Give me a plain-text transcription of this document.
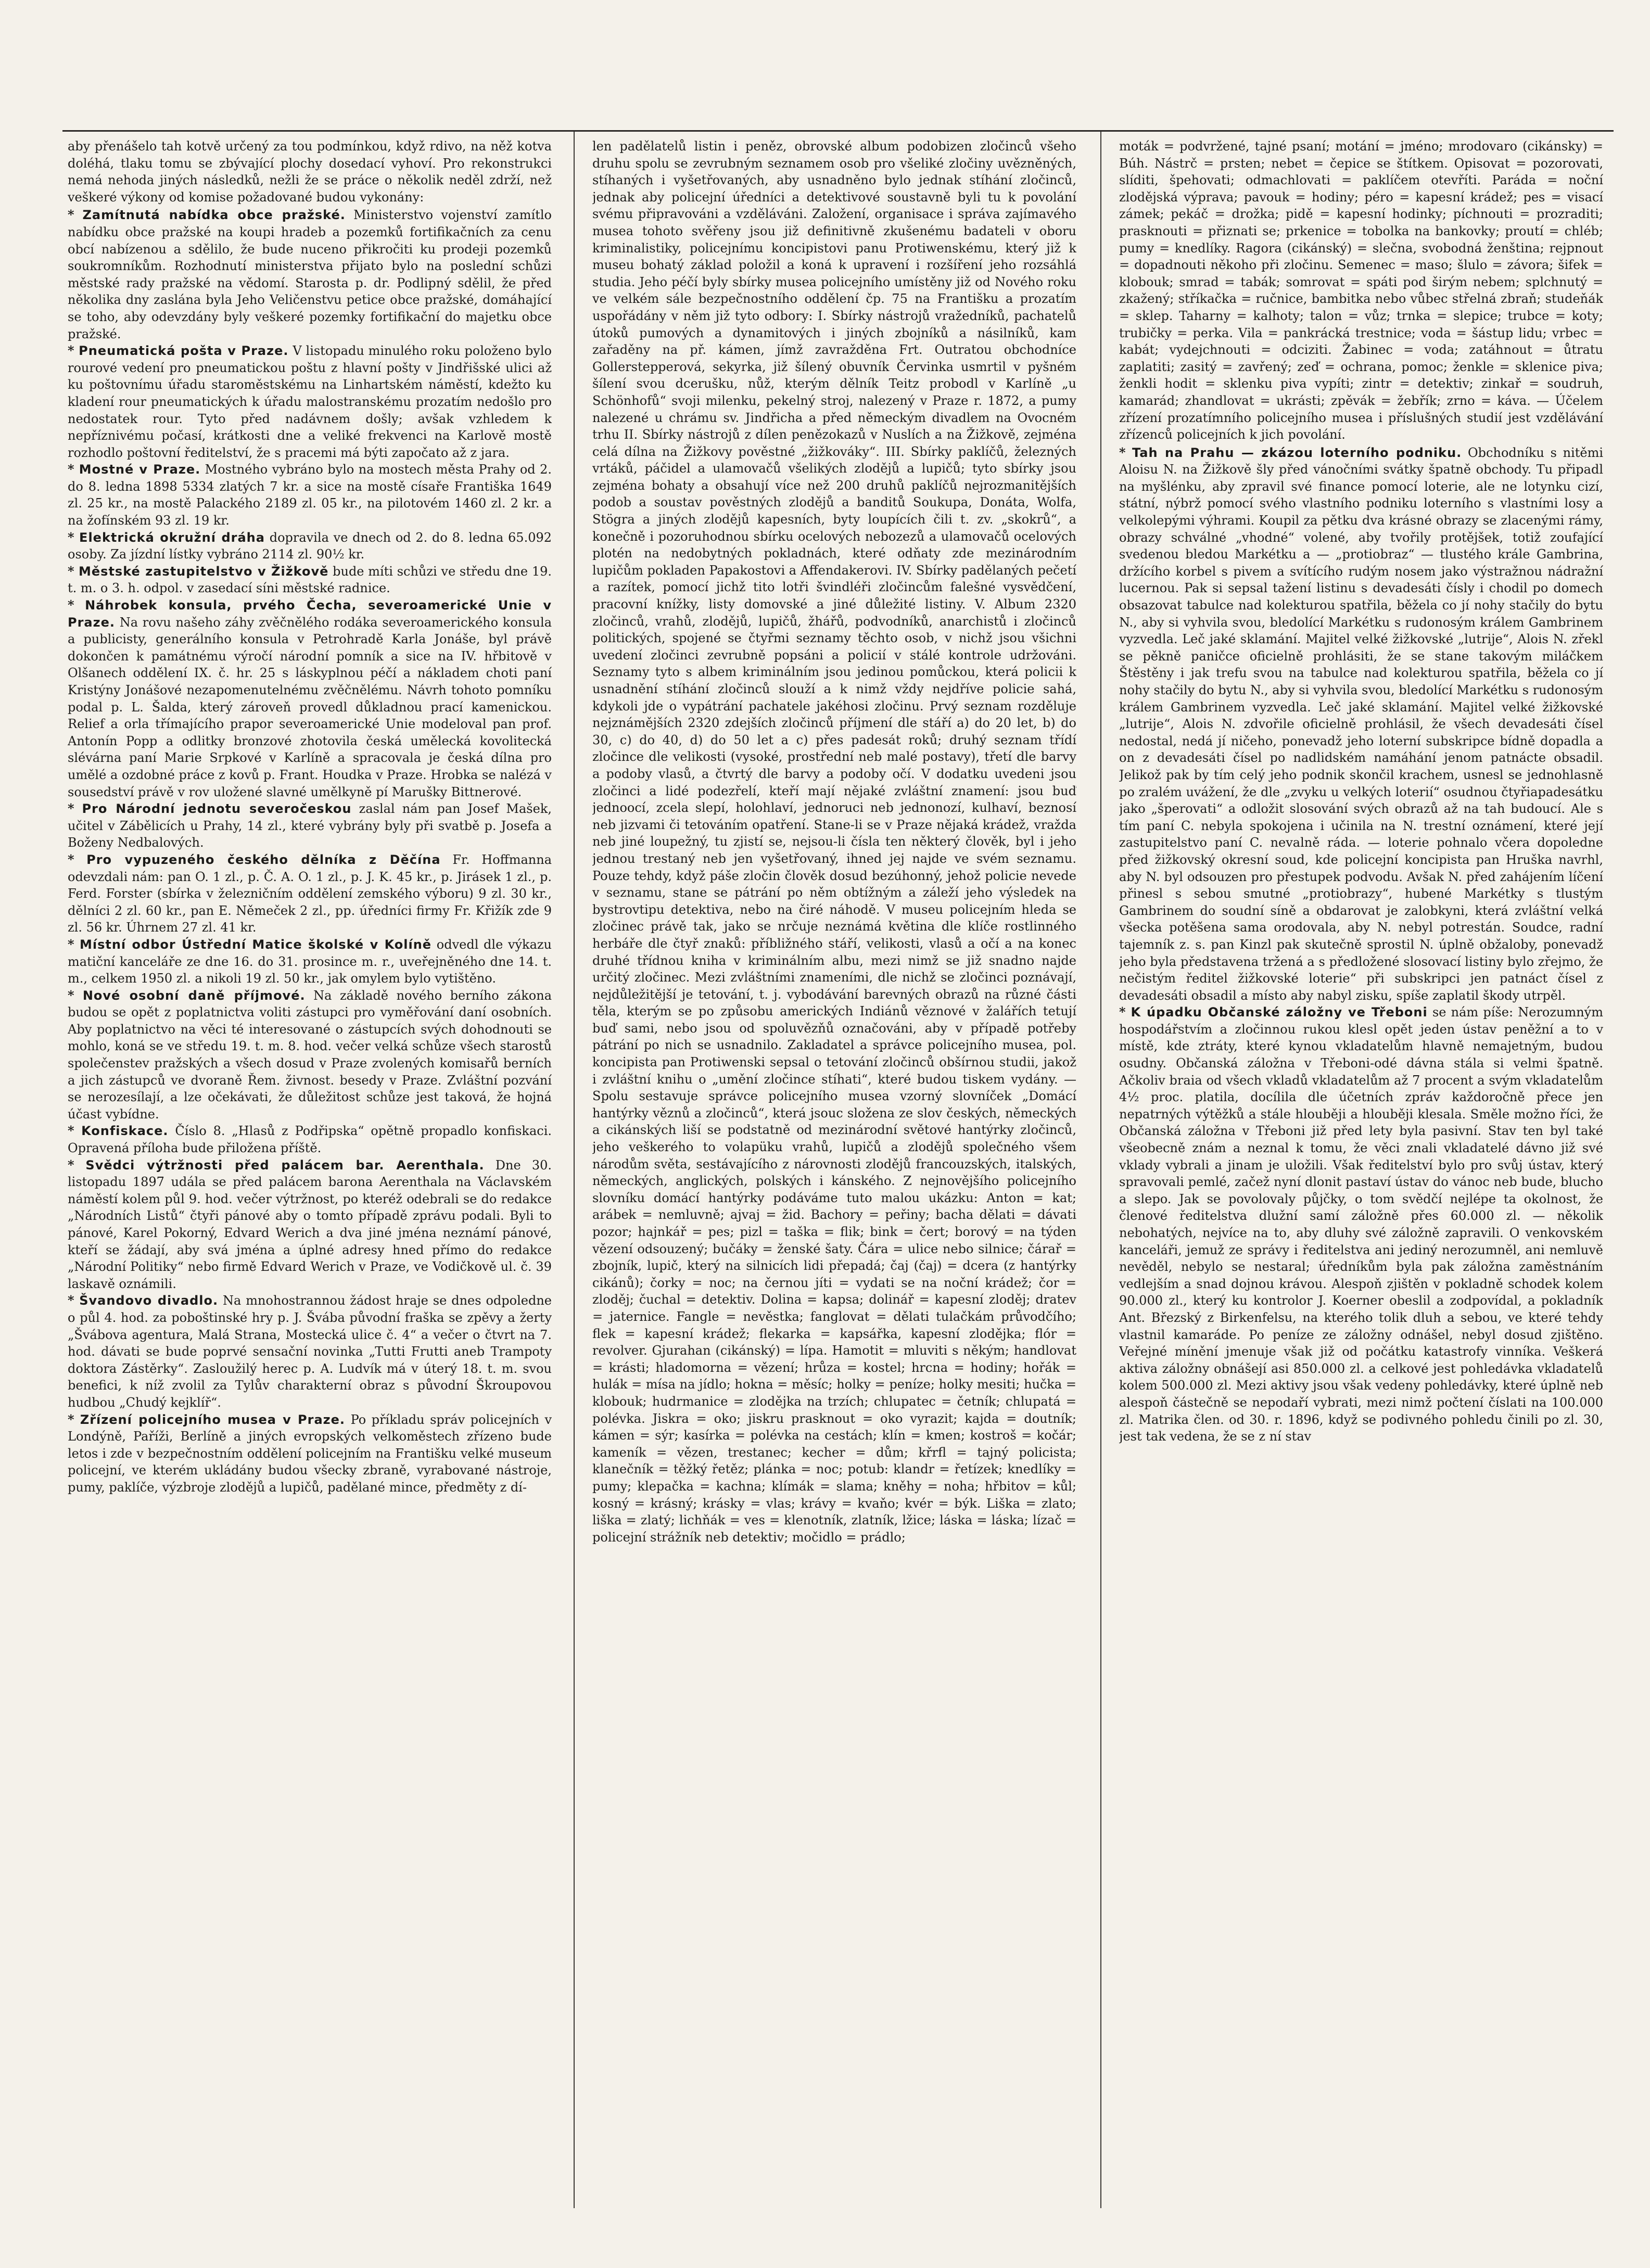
aby přenášelo tah kotvě určený za tou podmínkou, když rdivo, na něž kotva doléhá, tlaku tomu se zbývající plochy dosedací vyhoví. Pro rekonstrukci nemá nehoda jiných následků, nežli že se práce o několik neděl zdrží, než veškeré výkony od komise požadované budou vykonány:

* Zamítnutá nabídka obce pražské. Ministerstvo vojenství zamítlo nabídku obce pražské na koupi hradeb a pozemků fortifikačních za cenu obcí nabízenou a sdělilo, že bude nuceno přikročiti ku prodeji pozemků soukromníkům. Rozhodnutí ministerstva přijato bylo na poslední schůzi městské rady pražské na vědomí. Starosta p. dr. Podlipný sdělil, že před několika dny zaslána byla Jeho Veličenstvu petice obce pražské, domáhající se toho, aby odevzdány byly veškeré pozemky fortifikační do majetku obce pražské.

* Pneumatická pošta v Praze. V listopadu minulého roku položeno bylo rourové vedení pro pneumatickou poštu z hlavní pošty v Jindřišské ulici až ku poštovnímu úřadu staroměstskému na Linhartském náměstí, kdežto ku kladení rour pneumatických k úřadu malostranskému prozatím nedošlo pro nedostatek rour. Tyto před nadávnem došly; avšak vzhledem k nepříznivému počasí, krátkosti dne a veliké frekvenci na Karlově mostě rozhodlo poštovní ředitelství, že s pracemi má býti započato až z jara.

* Mostné v Praze. Mostného vybráno bylo na mostech města Prahy od 2. do 8. ledna 1898 5334 zlatých 7 kr. a sice na mostě císaře Františka 1649 zl. 25 kr., na mostě Palackého 2189 zl. 05 kr., na pilotovém 1460 zl. 2 kr. a na žofínském 93 zl. 19 kr.

* Elektrická okružní dráha dopravila ve dnech od 2. do 8. ledna 65.092 osoby. Za jízdní lístky vybráno 2114 zl. 90½ kr.

* Městské zastupitelstvo v Žižkově bude míti schůzi ve středu dne 19. t. m. o 3. h. odpol. v zasedací síni městské radnice.

* Náhrobek konsula, prvého Čecha, severoamerické Unie v Praze. Na rovu našeho záhy zvěčnělého rodáka severoamerického konsula a publicisty, generálního konsula v Petrohradě Karla Jonáše, byl právě dokončen k památnému výročí národní pomník a sice na IV. hřbitově v Olšanech oddělení IX. č. hr. 25 s láskyplnou péčí a nákladem choti paní Kristýny Jonášové nezapomenutelnému zvěčnělému. Návrh tohoto pomníku podal p. L. Šalda, který zároveň provedl důkladnou prací kamenickou. Relief a orla třímajícího prapor severoamerické Unie modeloval pan prof. Antonín Popp a odlitky bronzové zhotovila česká umělecká kovolitecká slévárna paní Marie Srpkové v Karlíně a spracovala je česká dílna pro umělé a ozdobné práce z kovů p. Frant. Houdka v Praze. Hrobka se nalézá v sousedství právě v rov uložené slavné umělkyně pí Marušky Bittnerové.

* Pro Národní jednotu severočeskou zaslal nám pan Josef Mašek, učitel v Zábělicích u Prahy, 14 zl., které vybrány byly při svatbě p. Josefa a Boženy Nedbalových.

* Pro vypuzeného českého dělníka z Děčína Fr. Hoffmanna odevzdali nám: pan O. 1 zl., p. Č. A. O. 1 zl., p. J. K. 45 kr., p. Jirásek 1 zl., p. Ferd. Forster (sbírka v železničním oddělení zemského výboru) 9 zl. 30 kr., dělníci 2 zl. 60 kr., pan E. Němeček 2 zl., pp. úředníci firmy Fr. Křižík zde 9 zl. 56 kr. Úhrnem 27 zl. 41 kr.

* Místní odbor Ústřední Matice školské v Kolíně odvedl dle výkazu matiční kanceláře ze dne 16. do 31. prosince m. r., uveřejněného dne 14. t. m., celkem 1950 zl. a nikoli 19 zl. 50 kr., jak omylem bylo vytištěno.

* Nové osobní daně příjmové. Na základě nového berního zákona budou se opět z poplatnictva voliti zástupci pro vyměřování daní osobních. Aby poplatnictvo na věci té interesované o zástupcích svých dohodnouti se mohlo, koná se ve středu 19. t. m. 8. hod. večer velká schůze všech starostů společenstev pražských a všech dosud v Praze zvolených komisařů berních a jich zástupců ve dvoraně Řem. živnost. besedy v Praze. Zvláštní pozvání se nerozesílají, a lze očekávati, že důležitost schůze jest taková, že hojná účast vybídne.

* Konfiskace. Číslo 8. „Hlasů z Podřipska“ opětně propadlo konfiskaci. Opravená příloha bude přiložena příště.

* Svědci výtržnosti před palácem bar. Aerenthala. Dne 30. listopadu 1897 udála se před palácem barona Aerenthala na Václavském náměstí kolem půl 9. hod. večer výtržnost, po kteréž odebrali se do redakce „Národních Listů“ čtyři pánové aby o tomto případě zprávu podali. Byli to pánové, Karel Pokorný, Edvard Werich a dva jiné jména neznámí pánové, kteří se žádají, aby svá jména a úplné adresy hned přímo do redakce „Národní Politiky“ nebo firmě Edvard Werich v Praze, ve Vodičkově ul. č. 39 laskavě oznámili.

* Švandovo divadlo. Na mnohostrannou žádost hraje se dnes odpoledne o půl 4. hod. za poboštinské hry p. J. Švába původní fraška se zpěvy a žerty „Švábova agentura, Malá Strana, Mostecká ulice č. 4“ a večer o čtvrt na 7. hod. dávati se bude poprvé sensační novinka „Tutti Frutti aneb Trampoty doktora Zástěrky“. Zasloužilý herec p. A. Ludvík má v úterý 18. t. m. svou benefici, k níž zvolil za Tylův charakterní obraz s původní Škroupovou hudbou „Chudý kejklíř“.

* Zřízení policejního musea v Praze. Po příkladu správ policejních v Londýně, Paříži, Berlíně a jiných evropských velkoměstech zřízeno bude letos i zde v bezpečnostním oddělení policejním na Františku velké museum policejní, ve kterém ukládány budou všecky zbraně, vyrabované nástroje, pumy, paklíče, výzbroje zlodějů a lupičů, padělané mince, předměty z dí-

len padělatelů listin i peněz, obrovské album podobizen zločinců všeho druhu spolu se zevrubným seznamem osob pro všeliké zločiny uvězněných, stíhaných i vyšetřovaných, aby usnadněno bylo jednak stíhání zločinců, jednak aby policejní úředníci a detektivové soustavně byli tu k povolání svému připravováni a vzděláváni. Založení, organisace i správa zajímavého musea tohoto svěřeny jsou již definitivně zkušenému badateli v oboru kriminalistiky, policejnímu koncipistovi panu Protiwenskému, který již k museu bohatý základ položil a koná k upravení i rozšíření jeho rozsáhlá studia. Jeho péčí byly sbírky musea policejního umístěny již od Nového roku ve velkém sále bezpečnostního oddělení čp. 75 na Františku a prozatím uspořádány v něm již tyto odbory: I. Sbírky nástrojů vražedníků, pachatelů útoků pumových a dynamitových i jiných zbojníků a násilníků, kam zařaděny na př. kámen, jímž zavražděna Frt. Outratou obchodníce Gollerstepperová, sekyrka, již šílený obuvník Červinka usmrtil v pyšném šílení svou dcerušku, nůž, kterým dělník Teitz probodl v Karlíně „u Schönhofů“ svoji milenku, pekelný stroj, nalezený v Praze r. 1872, a pumy nalezené u chrámu sv. Jindřicha a před německým divadlem na Ovocném trhu II. Sbírky nástrojů z dílen penězokazů v Nuslích a na Žižkově, zejména celá dílna na Žižkovy pověstné „žižkováky“. III. Sbírky paklíčů, železných vrtáků, páčidel a ulamovačů všelikých zlodějů a lupičů; tyto sbírky jsou zejména bohaty a obsahují více než 200 druhů paklíčů nejrozmanitějších podob a soustav pověstných zlodějů a banditů Soukupa, Donáta, Wolfa, Stögra a jiných zlodějů kapesních, byty loupících čili t. zv. „skokrů“, a konečně i pozoruhodnou sbírku ocelových nebozezů a ulamovačů ocelových plotén na nedobytných pokladnách, které odňaty zde mezinárodním lupičům pokladen Papakostovi a Affendakerovi. IV. Sbírky padělaných pečetí a razítek, pomocí jichž tito lotři švindléři zločincům falešné vysvědčení, pracovní knížky, listy domovské a jiné důležité listiny. V. Album 2320 zločinců, vrahů, zlodějů, lupičů, žhářů, podvodníků, anarchistů i zločinců politických, spojené se čtyřmi seznamy těchto osob, v nichž jsou všichni uvedení zločinci zevrubně popsáni a policií v stálé kontrole udržováni. Seznamy tyto s albem kriminálním jsou jedinou pomůckou, která policii k usnadnění stíhání zločinců slouží a k nimž vždy nejdříve policie sahá, kdykoli jde o vypátrání pachatele jakéhosi zločinu. Prvý seznam rozděluje nejznámějších 2320 zdejších zločinců příjmení dle stáří a) do 20 let, b) do 30, c) do 40, d) do 50 let a c) přes padesát roků; druhý seznam třídí zločince dle velikosti (vysoké, prostřední neb malé postavy), třetí dle barvy a podoby vlasů, a čtvrtý dle barvy a podoby očí. V dodatku uvedeni jsou zločinci a lidé podezřelí, kteří mají nějaké zvláštní znamení: jsou buď jednoocí, zcela slepí, holohlaví, jednoruci neb jednonozí, kulhaví, beznosí neb jizvami či tetováním opatření. Stane-li se v Praze nějaká krádež, vražda neb jiné loupežný, tu zjistí se, nejsou-li čísla ten některý člověk, byl i jeho jednou trestaný neb jen vyšetřovaný, ihned jej najde ve svém seznamu. Pouze tehdy, když páše zločin člověk dosud bezúhonný, jehož policie nevede v seznamu, stane se pátrání po něm obtížným a záleží jeho výsledek na bystrovtipu detektiva, nebo na čiré náhodě. V museu policejním hleda se zločinec právě tak, jako se nrčuje neznámá květina dle klíče rostlinného herbáře dle čtyř znaků: příbližného stáří, velikosti, vlasů a očí a na konec druhé třídnou kniha v kriminálním albu, mezi nimž se již snadno najde určitý zločinec. Mezi zvláštními znameními, dle nichž se zločinci poznávají, nejdůležitější je tetování, t. j. vybodávání barevných obrazů na různé části těla, kterým se po způsobu amerických Indiánů věznové v žalářích tetují buď sami, nebo jsou od spoluvězňů označováni, aby v případě potřeby pátrání po nich se usnadnilo. Zakladatel a správce policejního musea, pol. koncipista pan Protiwenski sepsal o tetování zločinců obšírnou studii, jakož i zvláštní knihu o „umění zločince stíhati“, které budou tiskem vydány. — Spolu sestavuje správce policejního musea vzorný slovníček „Domácí hantýrky věznů a zločinců“, která jsouc složena ze slov českých, německých a cikánských liší se podstatně od mezinárodní světové hantýrky zločinců, jeho veškerého to volapüku vrahů, lupičů a zlodějů společného všem národům světa, sestávajícího z nárovnosti zlodějů francouzských, italských, německých, anglických, polských i kánského. Z nejnovějšího policejního slovníku domácí hantýrky podáváme tuto malou ukázku: Anton = kat; arábek = nemluvně; ajvaj = žid. Bachory = peřiny; bacha dělati = dávati pozor; hajnkář = pes; pizl = taška = flik; bink = čert; borový = na týden vězení odsouzený; bučáky = ženské šaty. Čára = ulice nebo silnice; čárař = zbojník, lupič, který na silnicích lidi přepadá; čaj (čaj) = dcera (z hantýrky cikánů); čorky = noc; na černou jíti = vydati se na noční krádež; čor = zloděj; čuchal = detektiv. Dolina = kapsa; dolinář = kapesní zloděj; dratev = jaternice. Fangle = nevěstka; fanglovat = dělati tulačkám průvodčího; flek = kapesní krádež; flekarka = kapsářka, kapesní zlodějka; flór = revolver. Gjurahan (cikánský) = lípa. Hamotit = mluviti s někým; handlovat = krásti; hladomorna = vězení; hrůza = kostel; hrcna = hodiny; hořák = hulák = mísa na jídlo; hokna = měsíc; holky = peníze; holky mesiti; hučka = klobouk; hudrmanice = zlodějka na trzích; chlupatec = četník; chlupatá = polévka. Jiskra = oko; jiskru prasknout = oko vyrazit; kajda = doutník; kámen = sýr; kasírka = polévka na cestách; klín = kmen; kostroš = kočár; kameník = vězen, trestanec; kecher = dům; křrfl = tajný policista; klanečník = těžký řetěz; plánka = noc; potub: klandr = řetízek; knedlíky = pumy; klepačka = kachna; klímák = slama; kněhy = noha; hřbitov = kůl; kosný = krásný; krásky = vlas; krávy = kvaňo; kvér = býk. Liška = zlato; liška = zlatý; lichňák = ves = klenotník, zlatník, lžice; láska = láska; lízač = policejní strážník neb detektiv; močidlo = prádlo;

moták = podvržené, tajné psaní; motání = jméno; mrodovaro (cikánsky) = Búh. Nástrč = prsten; nebet = čepice se štítkem. Opisovat = pozorovati, slíditi, špehovati; odmachlovati = paklíčem otevříti. Paráda = noční zlodějská výprava; pavouk = hodiny; péro = kapesní krádež; pes = visací zámek; pekáč = drožka; pidě = kapesní hodinky; píchnouti = prozraditi; prasknouti = přiznati se; prkenice = tobolka na bankovky; proutí = chléb; pumy = knedlíky. Ragora (cikánský) = slečna, svobodná ženština; rejpnout = dopadnouti někoho při zločinu. Semenec = maso; šlulo = závora; šifek = klobouk; smrad = tabák; somrovat = spáti pod širým nebem; splchnutý = zkažený; stříkačka = ručnice, bambitka nebo vůbec střelná zbraň; studeňák = sklep. Taharny = kalhoty; talon = vůz; trnka = slepice; trubce = koty; trubičky = perka. Vila = pankrácká trestnice; voda = šástup lidu; vrbec = kabát; vydejchnouti = odciziti. Žabinec = voda; zatáhnout = ůtratu zaplatiti; zasitý = zavřený; zeď = ochrana, pomoc; ženkle = sklenice piva; ženkli hodit = sklenku piva vypíti; zintr = detektiv; zinkař = soudruh, kamarád; zhandlovat = ukrásti; zpěvák = žebřík; zrno = káva. — Účelem zřízení prozatímního policejního musea i příslušných studií jest vzdělávání zřízenců policejních k jich povolání.

* Tah na Prahu — zkázou loterního podniku. Obchodníku s nitěmi Aloisu N. na Žižkově šly před vánočními svátky špatně obchody. Tu připadl na myšlénku, aby zpravil své finance pomocí loterie, ale ne lotynku cizí, státní, nýbrž pomocí svého vlastního podniku loterního s vlastními losy a velkolepými výhrami. Koupil za pětku dva krásné obrazy se zlacenými rámy, obrazy schválné „vhodné“ volené, aby tvořily protějšek, totiž zoufající svedenou bledou Markétku a — „protiobraz“ — tlustého krále Gambrina, držícího korbel s pivem a svítícího rudým nosem jako výstražnou nádražní lucernou. Pak si sepsal tažení listinu s devadesáti čísly i chodil po domech obsazovat tabulce nad kolekturou spatřila, běžela co jí nohy stačily do bytu N., aby si vyhvila svou, bledolící Markétku s rudonosým králem Gambrinem vyzvedla. Leč jaké sklamání. Majitel velké žižkovské „lutrije“, Alois N. zřekl se pěkně paničce oficielně prohlásiti, že se stane takovým miláčkem Štěstěny i jak trefu svou na tabulce nad kolekturou spatřila, běžela co jí nohy stačily do bytu N., aby si vyhvila svou, bledolící Markétku s rudonosým králem Gambrinem vyzvedla. Leč jaké sklamání. Majitel velké žižkovské „lutrije“, Alois N. zdvořile oficielně prohlásil, že všech devadesáti čísel nedostal, nedá jí ničeho, ponevadž jeho loterní subskripce bídně dopadla a on z devadesáti čísel po nadlidském namáhání jenom patnácte obsadil. Jelikož pak by tím celý jeho podnik skončil krachem, usnesl se jednohlasně po zralém uvážení, že dle „zvyku u velkých loterií“ osudnou čtyřiapadesátku jako „šperovati“ a odložit slosování svých obrazů až na tah budoucí. Ale s tím paní C. nebyla spokojena i učinila na N. trestní oznámení, které její zastupitelstvo paní C. nevalně ráda. — loterie pohnalo včera dopoledne před žižkovský okresní soud, kde policejní koncipista pan Hruška navrhl, aby N. byl odsouzen pro přestupek podvodu. Avšak N. před zahájením líčení přinesl s sebou smutné „protiobrazy“, hubené Markétky s tlustým Gambrinem do soudní síně a obdarovat je zalobkyni, která zvláštní velká všecka potěšena sama orodovala, aby N. nebyl potrestán. Soudce, radní tajemník z. s. pan Kinzl pak skutečně sprostil N. úplně obžaloby, ponevadž jeho byla představena tržená a s předložené slosovací listiny bylo zřejmo, že nečistým ředitel žižkovské loterie“ při subskripci jen patnáct čísel z devadesáti obsadil a místo aby nabyl zisku, spíše zaplatil škody utrpěl.

* K úpadku Občanské záložny ve Třeboni se nám píše: Nerozumným hospodářstvím a zločinnou rukou klesl opět jeden ústav peněžní a to v místě, kde ztráty, které kynou vkladatelům hlavně nemajetným, budou osudny. Občanská záložna v Třeboni-odé dávna stála si velmi špatně. Ačkoliv braia od všech vkladů vkladatelům až 7 procent a svým vkladatelům 4½ proc. platila, docílila dle účetních zpráv každoročně přece jen nepatrných výtěžků a stále hlouběji a hlouběji klesala. Směle možno říci, že Občanská záložna v Třeboni již před lety byla pasivní. Stav ten byl také všeobecně znám a neznal k tomu, že věci znali vkladatelé dávno již své vklady vybrali a jinam je uložili. Však ředitelství bylo pro svůj ústav, který spravovali pemlé, začež nyní dlonit pastaví ústav do vánoc neb bude, blucho a slepo. Jak se povolovaly půjčky, o tom svědčí nejlépe ta okolnost, že členové ředitelstva dlužní samí záložně přes 60.000 zl. — několik nebohatých, nejvíce na to, aby dluhy své záložně zapravili. O venkovském kanceláři, jemuž ze správy i ředitelstva ani jediný nerozumněl, ani nemluvě nevěděl, nebylo se nestaral; úředníkům byla pak záložna zaměstnáním vedlejším a snad dojnou krávou. Alespoň zjištěn v pokladně schodek kolem 90.000 zl., který ku kontrolor J. Koerner obeslil a zodpovídal, a pokladník Ant. Březský z Birkenfelsu, na kterého tolik dluh a sebou, ve které tehdy vlastnil kamaráde. Po peníze ze záložny odnášel, nebyl dosud zjištěno. Veřejné mínění jmenuje však již od počátku katastrofy vinníka. Veškerá aktiva záložny obnášejí asi 850.000 zl. a celkové jest pohledávka vkladatelů kolem 500.000 zl. Mezi aktivy jsou však vedeny pohledávky, které úplně neb alespoň částečně se nepodaří vybrati, mezi nimž počtení číslati na 100.000 zl. Matrika člen. od 30. r. 1896, když se podivného pohledu činili po zl. 30, jest tak vedena, že se z ní stav
